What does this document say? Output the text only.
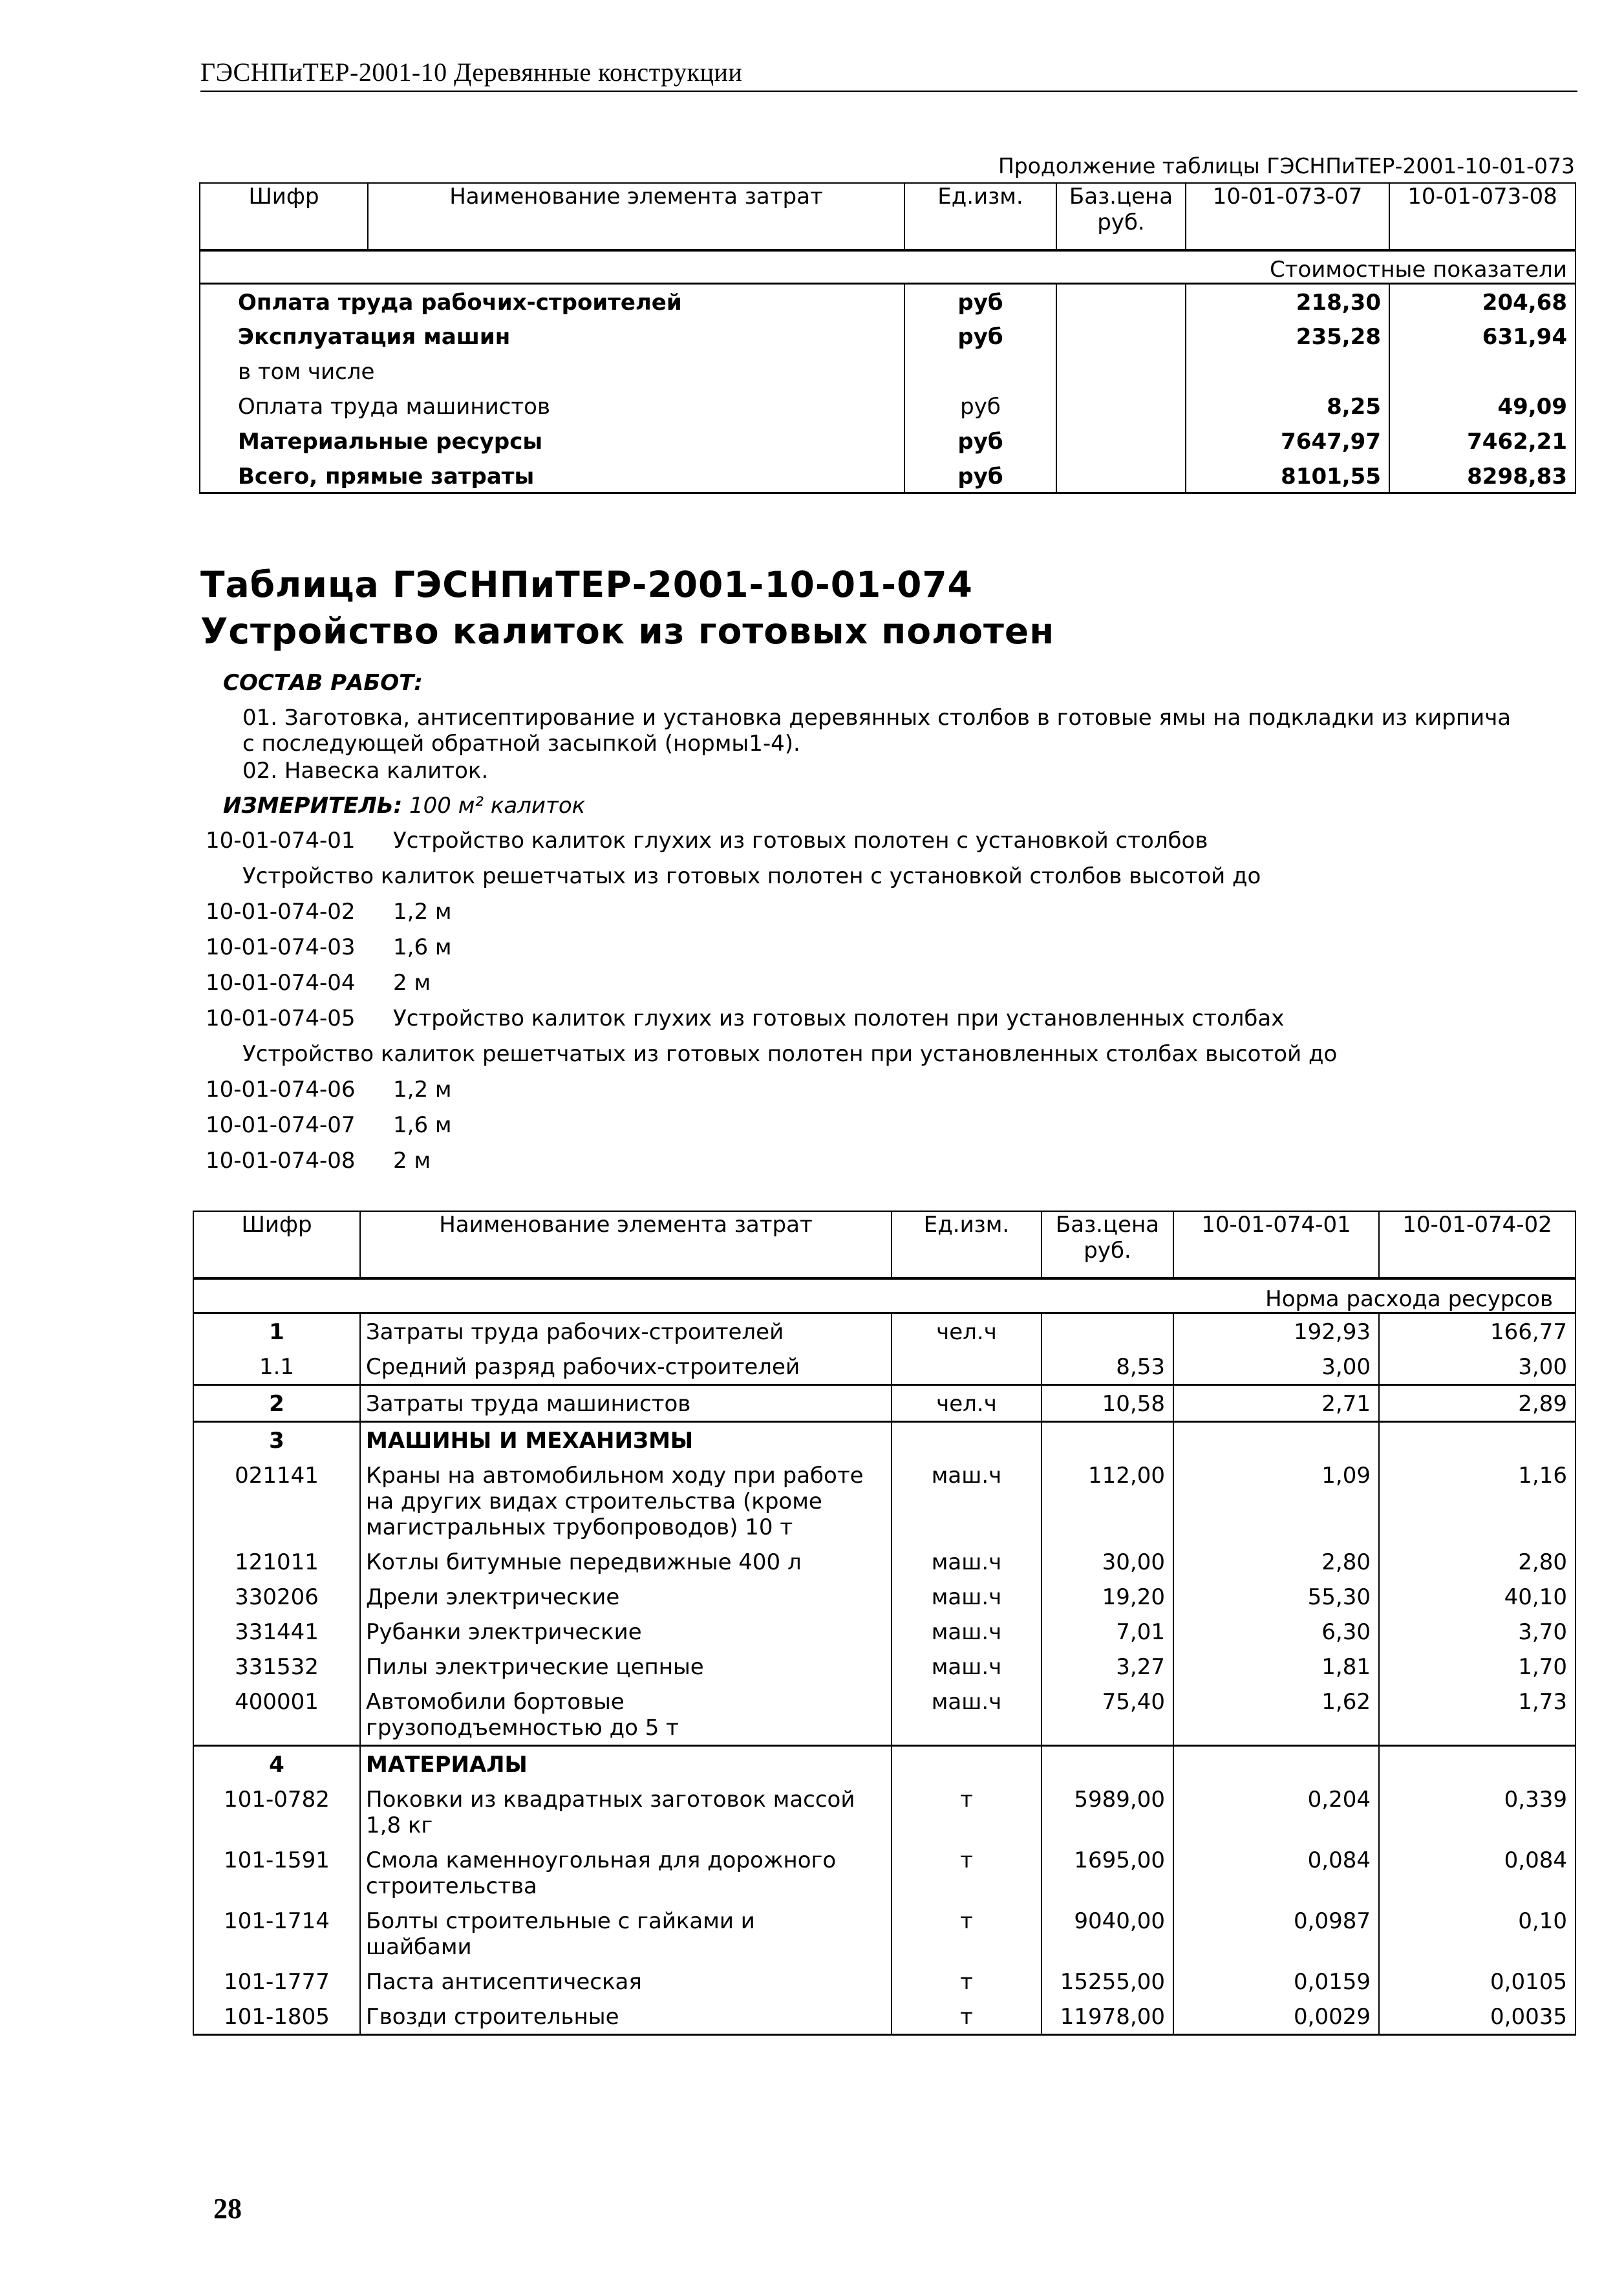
ГЭСНПиТЕР-2001-10 Деревянные конструкции
Продолжение таблицы ГЭСНПиТЕР-2001-10-01-073
Шифр	Наименование элемента затрат	Ед.изм.	Баз.цена руб.	10-01-073-07	10-01-073-08
Стоимостные показатели					
Оплата труда рабочих-строителей		руб		218,30	204,68
Эксплуатация машин		руб		235,28	631,94
в том числе					
Оплата труда машинистов		руб		8,25	49,09
Материальные ресурсы		руб		7647,97	7462,21
Всего, прямые затраты		руб		8101,55	8298,83
Таблица ГЭСНПиТЕР-2001-10-01-074
Устройство калиток из готовых полотен
СОСТАВ РАБОТ:
01. Заготовка, антисептирование и установка деревянных столбов в готовые ямы на подкладки из кирпича с последующей обратной засыпкой (нормы1-4).
02. Навеска калиток.
ИЗМЕРИТЕЛЬ: 100 м² калиток
10-01-074-01 Устройство калиток глухих из готовых полотен с установкой столбов
Устройство калиток решетчатых из готовых полотен с установкой столбов высотой до
10-01-074-02 1,2 м
10-01-074-03 1,6 м
10-01-074-04 2 м
10-01-074-05 Устройство калиток глухих из готовых полотен при установленных столбах
Устройство калиток решетчатых из готовых полотен при установленных столбах высотой до
10-01-074-06 1,2 м
10-01-074-07 1,6 м
10-01-074-08 2 м
Шифр	Наименование элемента затрат	Ед.изм.	Баз.цена руб.	10-01-074-01	10-01-074-02
Норма расхода ресурсов					
1	Затраты труда рабочих-строителей	чел.ч		192,93	166,77
1.1	Средний разряд рабочих-строителей		8,53	3,00	3,00
2	Затраты труда машинистов	чел.ч	10,58	2,71	2,89
3	МАШИНЫ И МЕХАНИЗМЫ				
021141	Краны на автомобильном ходу при работе на других видах строительства (кроме магистральных трубопроводов) 10 т	маш.ч	112,00	1,09	1,16
121011	Котлы битумные передвижные 400 л	маш.ч	30,00	2,80	2,80
330206	Дрели электрические	маш.ч	19,20	55,30	40,10
331441	Рубанки электрические	маш.ч	7,01	6,30	3,70
331532	Пилы электрические цепные	маш.ч	3,27	1,81	1,70
400001	Автомобили бортовые грузоподъемностью до 5 т	маш.ч	75,40	1,62	1,73
4	МАТЕРИАЛЫ				
101-0782	Поковки из квадратных заготовок массой 1,8 кг	т	5989,00	0,204	0,339
101-1591	Смола каменноугольная для дорожного строительства	т	1695,00	0,084	0,084
101-1714	Болты строительные с гайками и шайбами	т	9040,00	0,0987	0,10
101-1777	Паста антисептическая	т	15255,00	0,0159	0,0105
101-1805	Гвозди строительные	т	11978,00	0,0029	0,0035
28
